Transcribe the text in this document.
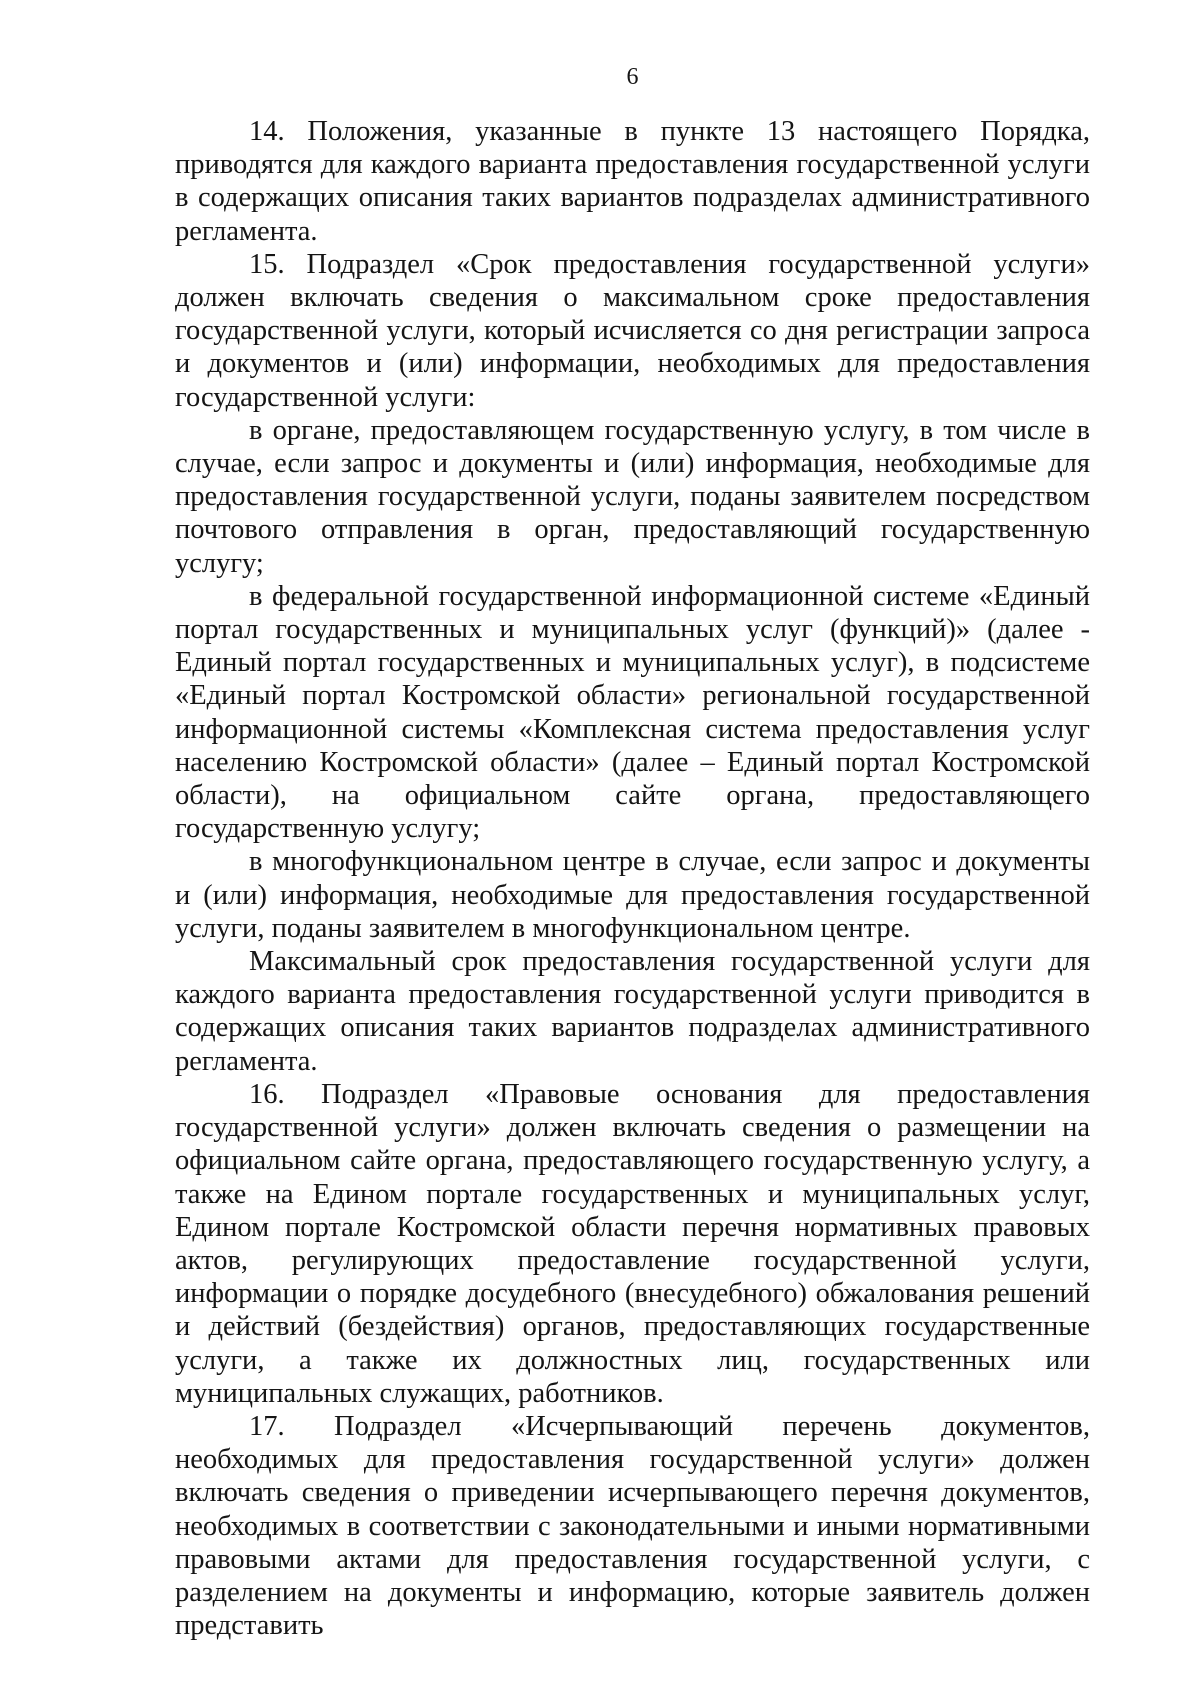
6

14. Положения, указанные в пункте 13 настоящего Порядка, приводятся для каждого варианта предоставления государственной услуги в содержащих описания таких вариантов подразделах административного регламента.

15. Подраздел «Срок предоставления государственной услуги» должен включать сведения о максимальном сроке предоставления государственной услуги, который исчисляется со дня регистрации запроса и документов и (или) информации, необходимых для предоставления государственной услуги:

в органе, предоставляющем государственную услугу, в том числе в случае, если запрос и документы и (или) информация, необходимые для предоставления государственной услуги, поданы заявителем посредством почтового отправления в орган, предоставляющий государственную услугу;

в федеральной государственной информационной системе «Единый портал государственных и муниципальных услуг (функций)» (далее - Единый портал государственных и муниципальных услуг), в подсистеме «Единый портал Костромской области» региональной государственной информационной системы «Комплексная система предоставления услуг населению Костромской области» (далее – Единый портал Костромской области), на официальном сайте органа, предоставляющего государственную услугу;

в многофункциональном центре в случае, если запрос и документы и (или) информация, необходимые для предоставления государственной услуги, поданы заявителем в многофункциональном центре.

Максимальный срок предоставления государственной услуги для каждого варианта предоставления государственной услуги приводится в содержащих описания таких вариантов подразделах административного регламента.

16. Подраздел «Правовые основания для предоставления государственной услуги» должен включать сведения о размещении на официальном сайте органа, предоставляющего государственную услугу, а также на Едином портале государственных и муниципальных услуг, Едином портале Костромской области перечня нормативных правовых актов, регулирующих предоставление государственной услуги, информации о порядке досудебного (внесудебного) обжалования решений и действий (бездействия) органов, предоставляющих государственные услуги, а также их должностных лиц, государственных или муниципальных служащих, работников.

17. Подраздел «Исчерпывающий перечень документов, необходимых для предоставления государственной услуги» должен включать сведения о приведении исчерпывающего перечня документов, необходимых в соответствии с законодательными и иными нормативными правовыми актами для предоставления государственной услуги, с разделением на документы и информацию, которые заявитель должен представить
